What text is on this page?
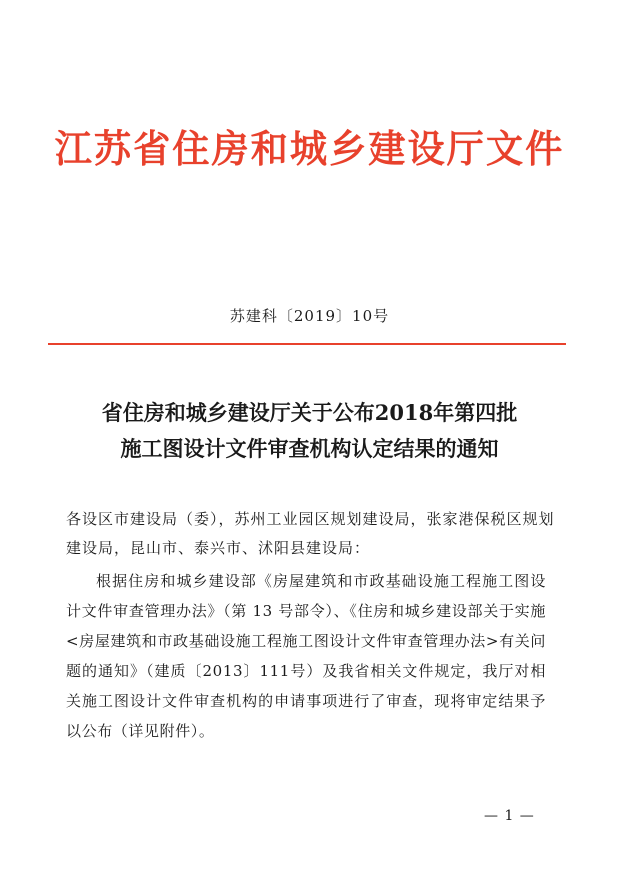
江苏省住房和城乡建设厅文件
苏建科〔2019〕10号
省住房和城乡建设厅关于公布2018年第四批
施工图设计文件审查机构认定结果的通知
各设区市建设局（委），苏州工业园区规划建设局，张家港保税区规划建设局，昆山市、泰兴市、沭阳县建设局：
根据住房和城乡建设部《房屋建筑和市政基础设施工程施工图设计文件审查管理办法》（第 13 号部令）、《住房和城乡建设部关于实施<房屋建筑和市政基础设施工程施工图设计文件审查管理办法>有关问题的通知》（建质〔2013〕111号）及我省相关文件规定，我厅对相关施工图设计文件审查机构的申请事项进行了审查，现将审定结果予以公布（详见附件）。
— 1 —
